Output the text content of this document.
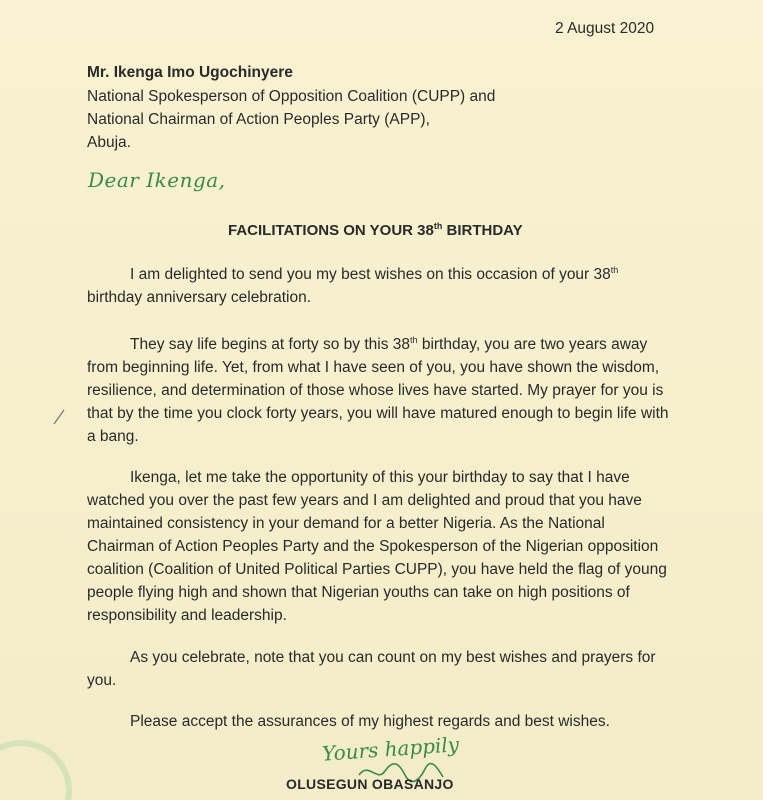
2 August 2020
Mr. Ikenga Imo Ugochinyere
National Spokesperson of Opposition Coalition (CUPP) and
National Chairman of Action Peoples Party (APP),
Abuja.
Dear Ikenga,
FACILITATIONS ON YOUR 38th BIRTHDAY
I am delighted to send you my best wishes on this occasion of your 38th birthday anniversary celebration.
They say life begins at forty so by this 38th birthday, you are two years away from beginning life. Yet, from what I have seen of you, you have shown the wisdom, resilience, and determination of those whose lives have started. My prayer for you is that by the time you clock forty years, you will have matured enough to begin life with a bang.
Ikenga, let me take the opportunity of this your birthday to say that I have watched you over the past few years and I am delighted and proud that you have maintained consistency in your demand for a better Nigeria. As the National Chairman of Action Peoples Party and the Spokesperson of the Nigerian opposition coalition (Coalition of United Political Parties CUPP), you have held the flag of young people flying high and shown that Nigerian youths can take on high positions of responsibility and leadership.
As you celebrate, note that you can count on my best wishes and prayers for you.
Please accept the assurances of my highest regards and best wishes.
Yours happily
OLUSEGUN OBASANJO
